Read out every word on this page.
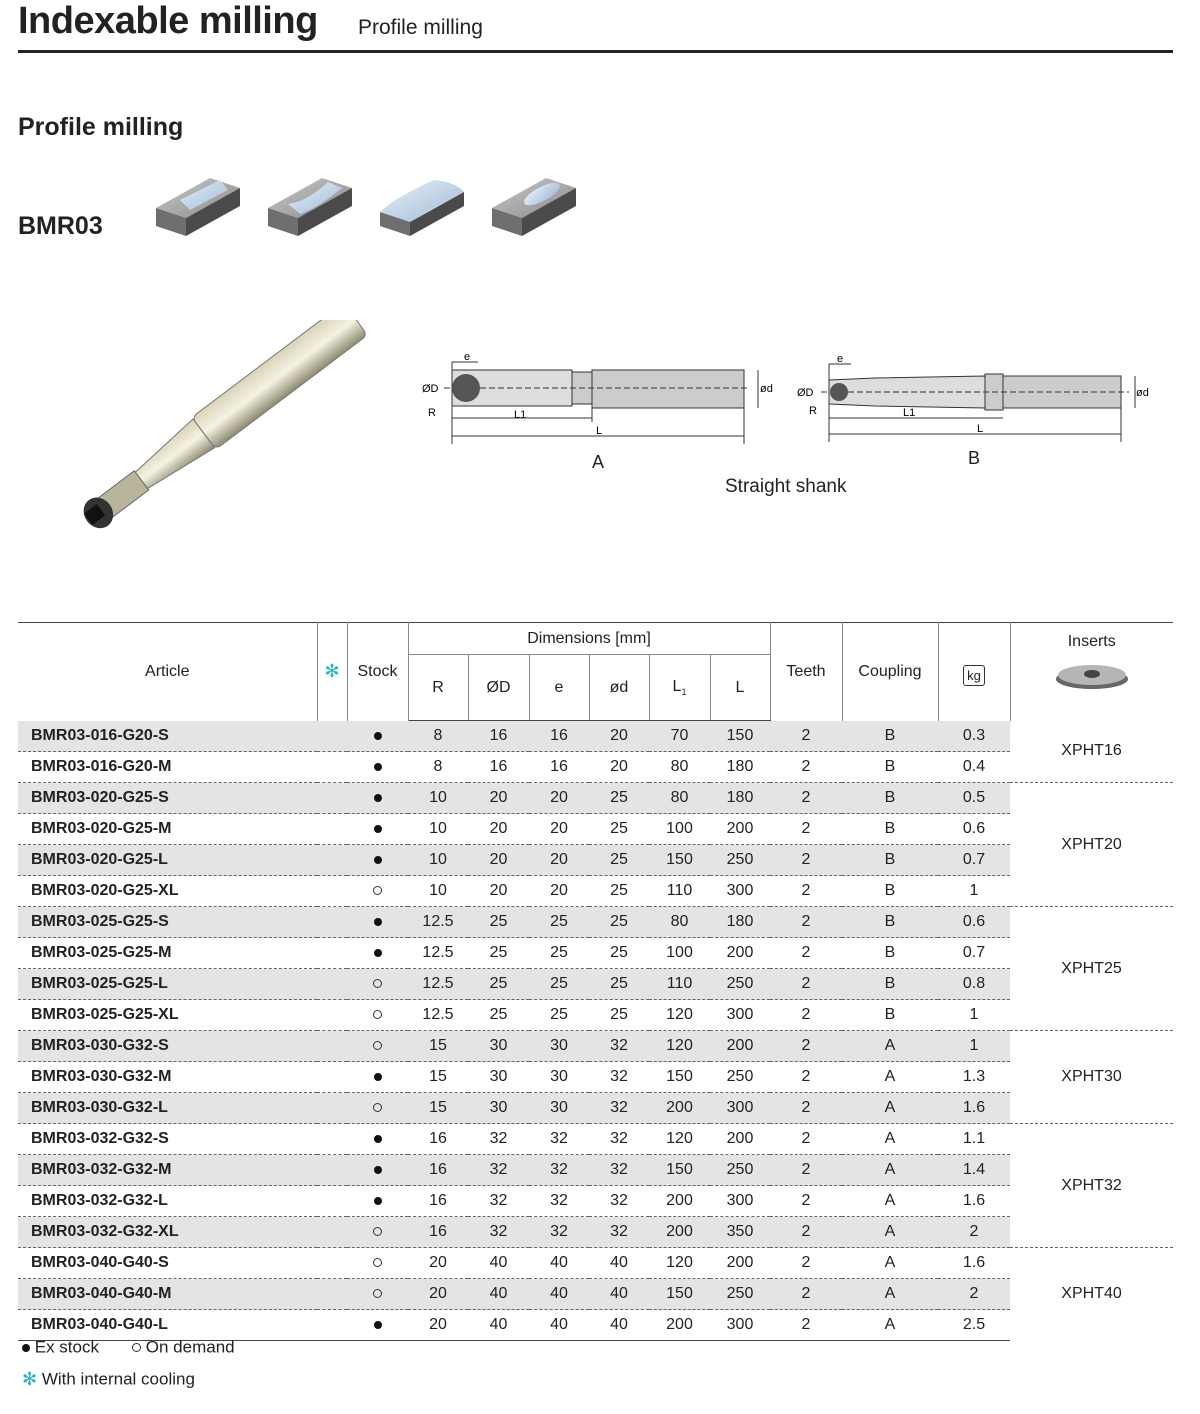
Indexable milling Profile milling
Profile milling
BMR03
e
ØD	ød
R	L1
L
A
e
ØD	ød
R	L1
L
B
Straight shank
Article	✻	Stock	Dimensions [mm]						Teeth	Coupling	kg	Inserts

			R	ØD	e	ød	$L_1$	L				
BMR03-016-G20-S			8	16	16	20	70	150	2	B	0.3	XPHT16
BMR03-016-G20-M			8	16	16	20	80	180	2	B	0.4	
BMR03-020-G25-S			10	20	20	25	80	180	2	B	0.5	XPHT20
BMR03-020-G25-M			10	20	20	25	100	200	2	B	0.6	
BMR03-020-G25-L			10	20	20	25	150	250	2	B	0.7	
BMR03-020-G25-XL			10	20	20	25	110	300	2	B	1	
BMR03-025-G25-S			12.5	25	25	25	80	180	2	B	0.6	XPHT25
BMR03-025-G25-M			12.5	25	25	25	100	200	2	B	0.7	
BMR03-025-G25-L			12.5	25	25	25	110	250	2	B	0.8	
BMR03-025-G25-XL			12.5	25	25	25	120	300	2	B	1	
BMR03-030-G32-S			15	30	30	32	120	200	2	A	1	XPHT30
BMR03-030-G32-M			15	30	30	32	150	250	2	A	1.3	
BMR03-030-G32-L			15	30	30	32	200	300	2	A	1.6	
BMR03-032-G32-S			16	32	32	32	120	200	2	A	1.1	XPHT32
BMR03-032-G32-M			16	32	32	32	150	250	2	A	1.4	
BMR03-032-G32-L			16	32	32	32	200	300	2	A	1.6	
BMR03-032-G32-XL			16	32	32	32	200	350	2	A	2	
BMR03-040-G40-S			20	40	40	40	120	200	2	A	1.6	XPHT40
BMR03-040-G40-M			20	40	40	40	150	250	2	A	2	
BMR03-040-G40-L			20	40	40	40	200	300	2	A	2.5	
Ex stock	On demand
✻ With internal cooling
